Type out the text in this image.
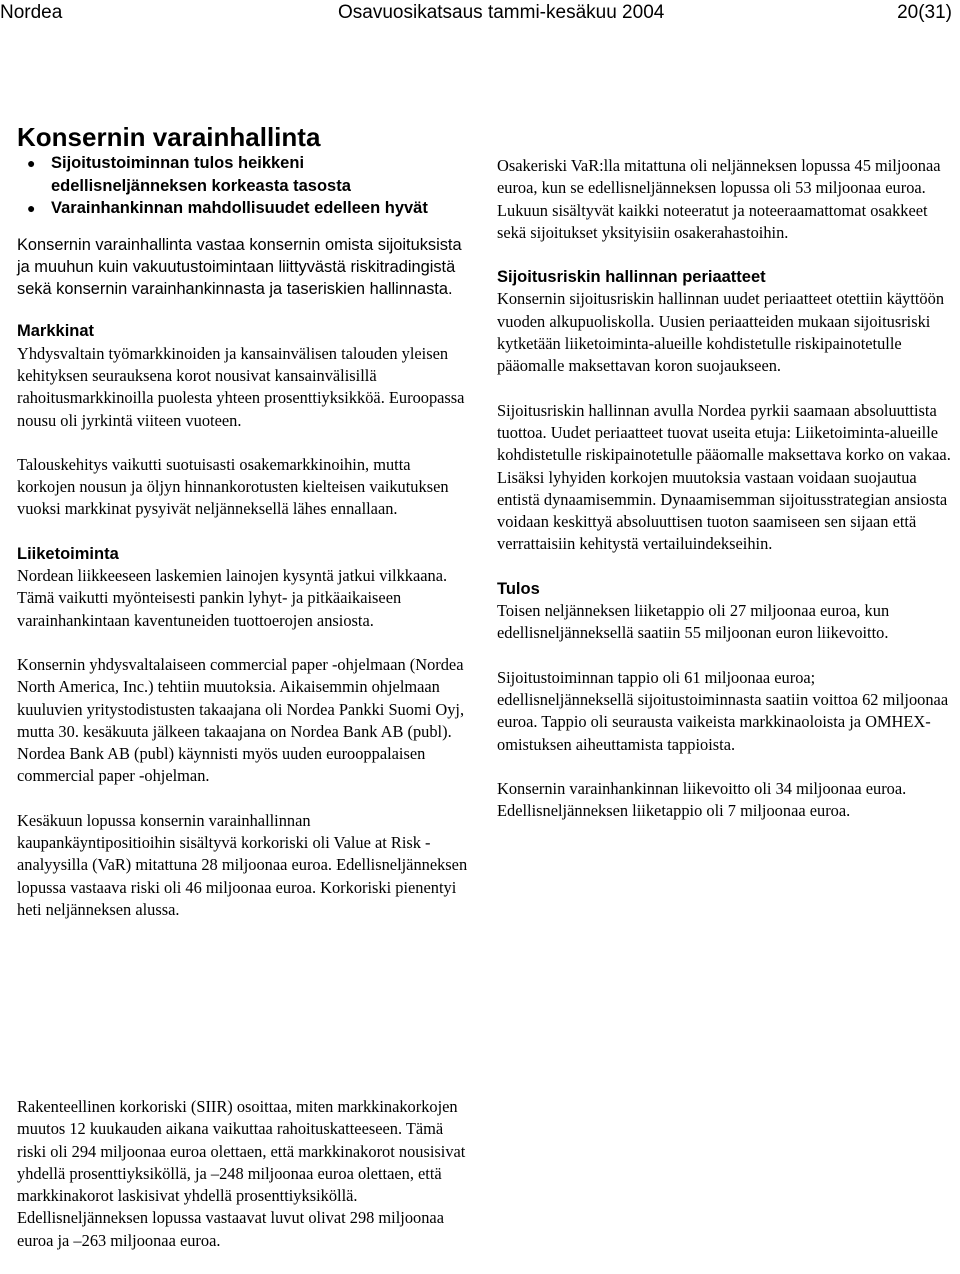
Nordea	Osavuosikatsaus tammi-kesäkuu 2004	20(31)
Konsernin varainhallinta
● Sijoitustoiminnan tulos heikkeni edellisneljänneksen korkeasta tasosta
● Varainhankinnan mahdollisuudet edelleen hyvät

Konsernin varainhallinta vastaa konsernin omista sijoituksista ja muuhun kuin vakuutustoimintaan liittyvästä riskitradingistä sekä konsernin varainhankinnasta ja taseriskien hallinnasta.

Markkinat

Yhdysvaltain työmarkkinoiden ja kansainvälisen talouden yleisen kehityksen seurauksena korot nousivat kansainvälisillä rahoitusmarkkinoilla puolesta yhteen prosenttiyksikköä. Euroopassa nousu oli jyrkintä viiteen vuoteen.

Talouskehitys vaikutti suotuisasti osakemarkkinoihin, mutta korkojen nousun ja öljyn hinnankorotusten kielteisen vaikutuksen vuoksi markkinat pysyivät neljänneksellä lähes ennallaan.

Liiketoiminta

Nordean liikkeeseen laskemien lainojen kysyntä jatkui vilkkaana. Tämä vaikutti myönteisesti pankin lyhyt- ja pitkäaikaiseen varainhankintaan kaventuneiden tuottoerojen ansiosta.

Konsernin yhdysvaltalaiseen commercial paper -ohjelmaan (Nordea North America, Inc.) tehtiin muutoksia. Aikaisemmin ohjelmaan kuuluvien yritystodistusten takaajana oli Nordea Pankki Suomi Oyj, mutta 30. kesäkuuta jälkeen takaajana on Nordea Bank AB (publ). Nordea Bank AB (publ) käynnisti myös uuden eurooppalaisen commercial paper -ohjelman.

Kesäkuun lopussa konsernin varainhallinnan kaupankäyntipositioihin sisältyvä korkoriski oli Value at Risk -analyysilla (VaR) mitattuna 28 miljoonaa euroa. Edellisneljänneksen lopussa vastaava riski oli 46 miljoonaa euroa. Korkoriski pienentyi heti neljänneksen alussa.

Rakenteellinen korkoriski (SIIR) osoittaa, miten markkinakorkojen muutos 12 kuukauden aikana vaikuttaa rahoituskatteeseen. Tämä riski oli 294 miljoonaa euroa olettaen, että markkinakorot nousisivat yhdellä prosenttiyksiköllä, ja –248 miljoonaa euroa olettaen, että markkinakorot laskisivat yhdellä prosenttiyksiköllä. Edellisneljänneksen lopussa vastaavat luvut olivat 298 miljoonaa euroa ja –263 miljoonaa euroa.

Osakeriski VaR:lla mitattuna oli neljänneksen lopussa 45 miljoonaa euroa, kun se edellisneljänneksen lopussa oli 53 miljoonaa euroa. Lukuun sisältyvät kaikki noteeratut ja noteeraamattomat osakkeet sekä sijoitukset yksityisiin osakerahastoihin.

Sijoitusriskin hallinnan periaatteet

Konsernin sijoitusriskin hallinnan uudet periaatteet otettiin käyttöön vuoden alkupuoliskolla. Uusien periaatteiden mukaan sijoitusriski kytketään liiketoiminta-alueille kohdistetulle riskipainotetulle pääomalle maksettavan koron suojaukseen.

Sijoitusriskin hallinnan avulla Nordea pyrkii saamaan absoluuttista tuottoa. Uudet periaatteet tuovat useita etuja: Liiketoiminta-alueille kohdistetulle riskipainotetulle pääomalle maksettava korko on vakaa. Lisäksi lyhyiden korkojen muutoksia vastaan voidaan suojautua entistä dynaamisemmin. Dynaamisemman sijoitusstrategian ansiosta voidaan keskittyä absoluuttisen tuoton saamiseen sen sijaan että verrattaisiin kehitystä vertailuindekseihin.

Tulos

Toisen neljänneksen liiketappio oli 27 miljoonaa euroa, kun edellisneljänneksellä saatiin 55 miljoonan euron liikevoitto.

Sijoitustoiminnan tappio oli 61 miljoonaa euroa; edellisneljänneksellä sijoitustoiminnasta saatiin voittoa 62 miljoonaa euroa. Tappio oli seurausta vaikeista markkinaoloista ja OMHEX-omistuksen aiheuttamista tappioista.

Konsernin varainhankinnan liikevoitto oli 34 miljoonaa euroa. Edellisneljänneksen liiketappio oli 7 miljoonaa euroa.
